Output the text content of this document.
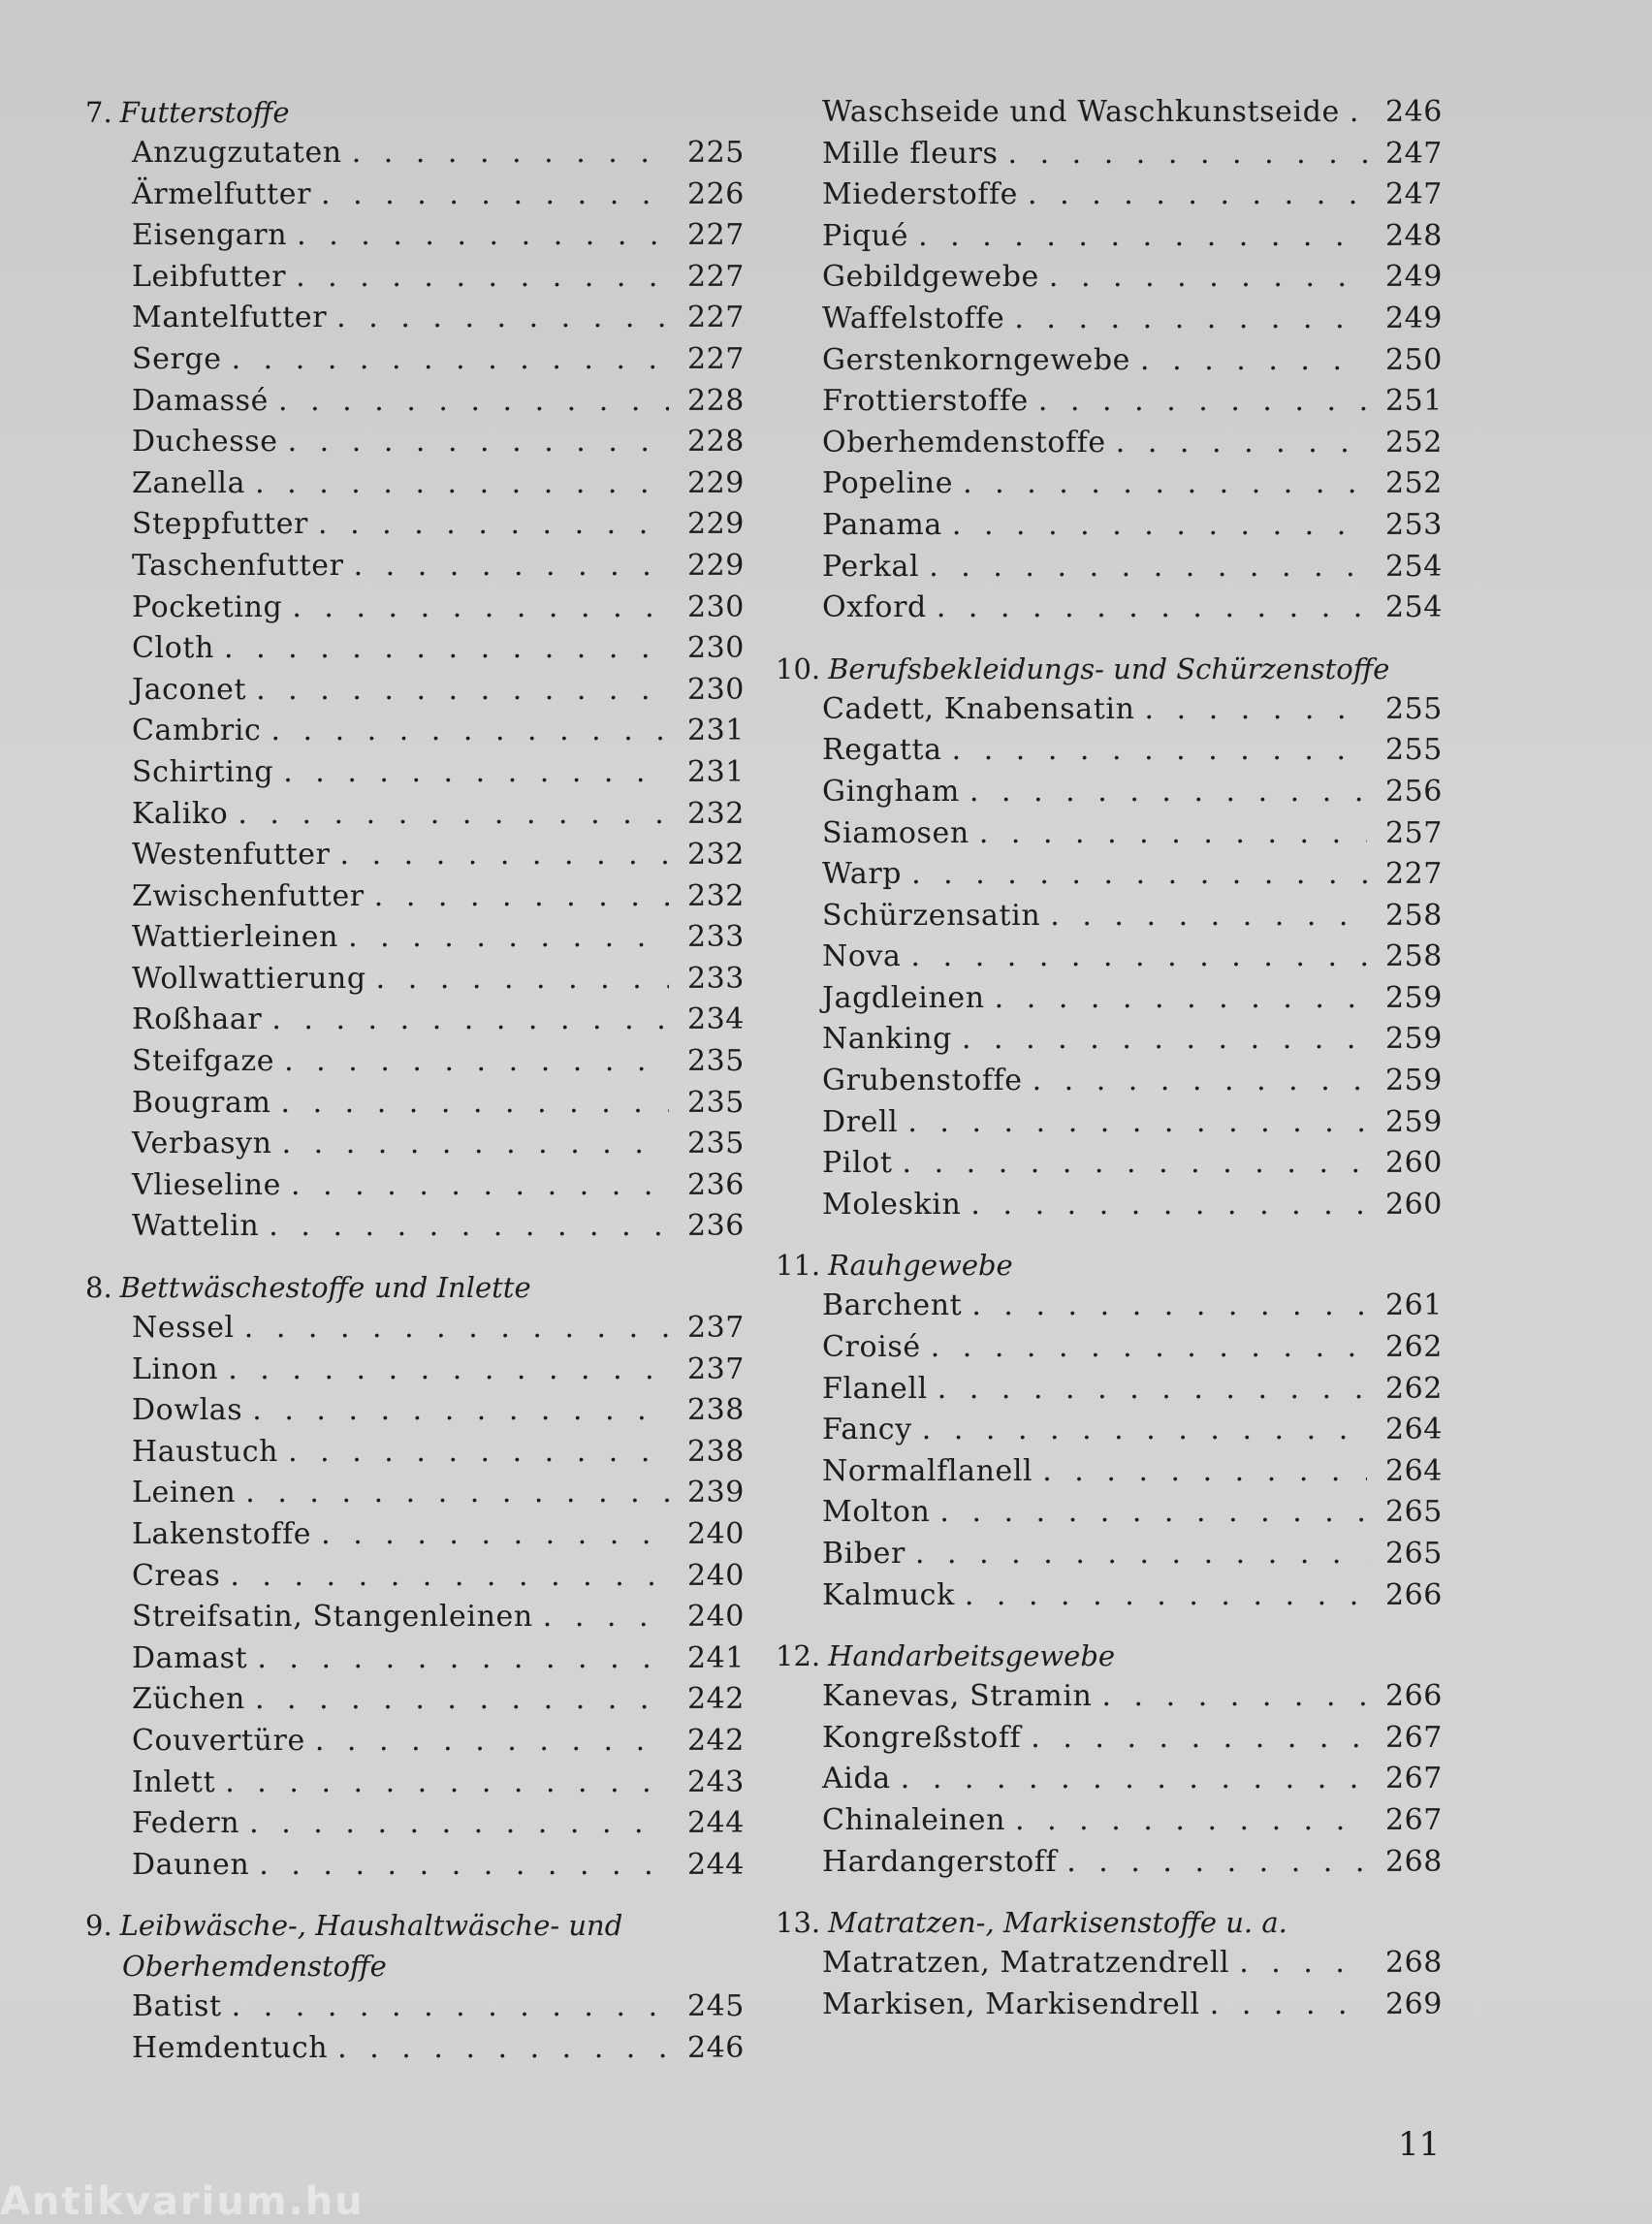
7. Futterstoffe
Anzugzutaten . . .	225
Ärmelfutter . . .	226
Eisengarn . . .	227
Leibfutter . . .	227
Mantelfutter . . .	227
Serge . . .	227
Damassé . . .	228
Duchesse . . .	228
Zanella . . .	229
Steppfutter . . .	229
Taschenfutter . . .	229
Pocketing . . .	230
Cloth . . .	230
Jaconet . . .	230
Cambric . . .	231
Schirting . . .	231
Kaliko . . .	232
Westenfutter . . .	232
Zwischenfutter . . .	232
Wattierleinen . . .	233
Wollwattierung . . .	233
Roßhaar . . .	234
Steifgaze . . .	235
Bougram . . .	235
Verbasyn . . .	235
Vlieseline . . .	236
Wattelin . . .	236
8. Bettwäschestoffe und Inlette
Nessel . . .	237
Linon . . .	237
Dowlas . . .	238
Haustuch . . .	238
Leinen . . .	239
Lakenstoffe . . .	240
Creas . . .	240
Streifsatin, Stangenleinen . . .	240
Damast . . .	241
Züchen . . .	242
Couvertüre . . .	242
Inlett . . .	243
Federn . . .	244
Daunen . . .	244
9. Leibwäsche-, Haushaltwäsche- und
Oberhemdenstoffe
Batist . . .	245
Hemdentuch . . .	246
Waschseide und Waschkunstseide . . . 246
Mille fleurs . . .	247
Miederstoffe . . .	247
Piqué . . .	248
Gebildgewebe . . .	249
Waffelstoffe . . .	249
Gerstenkorngewebe . . .	250
Frottierstoffe . . .	251
Oberhemdenstoffe . . .	252
Popeline . . .	252
Panama . . .	253
Perkal . . .	254
Oxford . . .	254
10. Berufsbekleidungs- und Schürzenstoffe
Cadett, Knabensatin . . .	255
Regatta . . .	255
Gingham . . .	256
Siamosen . . .	257
Warp . . .	227
Schürzensatin . . .	258
Nova . . .	258
Jagdleinen . . .	259
Nanking . . .	259
Grubenstoffe . . .	259
Drell . . .	259
Pilot . . .	260
Moleskin . . .	260
11. Rauhgewebe
Barchent . . .	261
Croisé . . .	262
Flanell . . .	262
Fancy . . .	264
Normalflanell . . .	264
Molton . . .	265
Biber . . .	265
Kalmuck . . .	266
12. Handarbeitsgewebe
Kanevas, Stramin . . .	266
Kongreßstoff . . .	267
Aida . . .	267
Chinaleinen . . .	267
Hardangerstoff . . .	268
13. Matratzen-, Markisenstoffe u. a.
Matratzen, Matratzendrell . . .	268
Markisen, Markisendrell . . .	269
11
Antikvarium.hu
